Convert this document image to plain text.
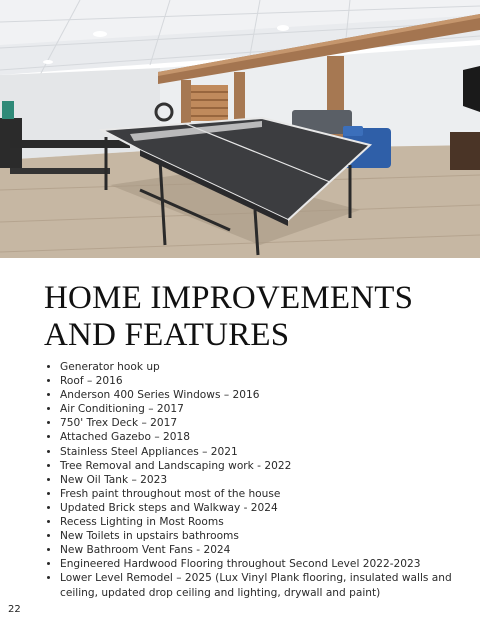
HOME IMPROVEMENTS
AND FEATURES
• Generator hook up
• Roof – 2016
• Anderson 400 Series Windows – 2016
• Air Conditioning – 2017
• 750' Trex Deck – 2017
• Attached Gazebo – 2018
• Stainless Steel Appliances – 2021
• Tree Removal and Landscaping work - 2022
• New Oil Tank – 2023
• Fresh paint throughout most of the house
• Updated Brick steps and Walkway - 2024
• Recess Lighting in Most Rooms
• New Toilets in upstairs bathrooms
• New Bathroom Vent Fans - 2024
• Engineered Hardwood Flooring throughout Second Level 2022-2023
• Lower Level Remodel – 2025 (Lux Vinyl Plank flooring, insulated walls and ceiling, updated drop ceiling and lighting, drywall and paint)
22
